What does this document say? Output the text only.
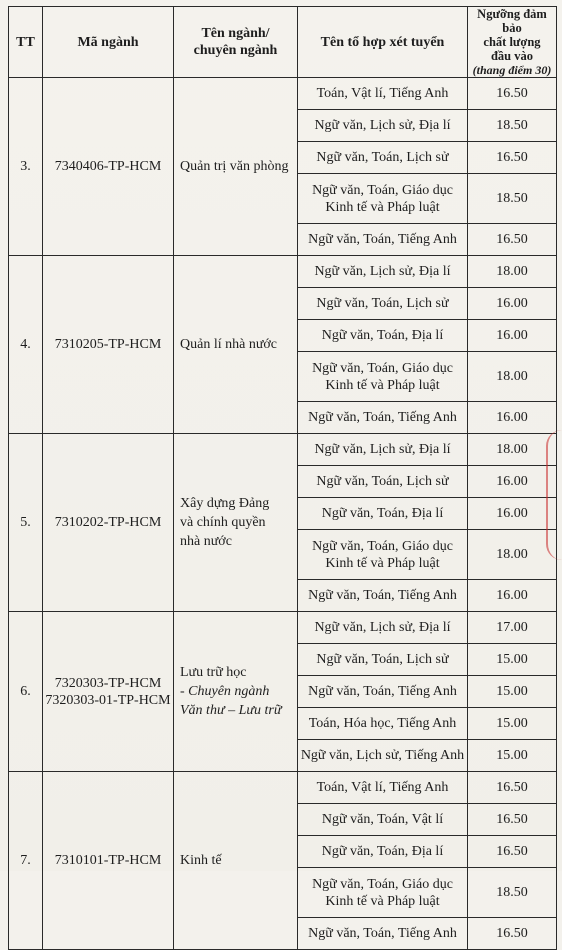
TT	Mã ngành	Tên ngành/
chuyên ngành	Tên tổ hợp xét tuyển	Ngưỡng đảm bảo
chất lượng
đầu vào
(thang điểm 30)
3.	7340406-TP-HCM	Quản trị văn phòng	Toán, Vật lí, Tiếng Anh	16.50
			Ngữ văn, Lịch sử, Địa lí	18.50
			Ngữ văn, Toán, Lịch sử	16.50
			Ngữ văn, Toán, Giáo dục
Kinh tế và Pháp luật	18.50
			Ngữ văn, Toán, Tiếng Anh	16.50
4.	7310205-TP-HCM	Quản lí nhà nước	Ngữ văn, Lịch sử, Địa lí	18.00
			Ngữ văn, Toán, Lịch sử	16.00
			Ngữ văn, Toán, Địa lí	16.00
			Ngữ văn, Toán, Giáo dục
Kinh tế và Pháp luật	18.00
			Ngữ văn, Toán, Tiếng Anh	16.00
5.	7310202-TP-HCM	Xây dựng Đảng
và chính quyền
nhà nước	Ngữ văn, Lịch sử, Địa lí	18.00
			Ngữ văn, Toán, Lịch sử	16.00
			Ngữ văn, Toán, Địa lí	16.00
			Ngữ văn, Toán, Giáo dục
Kinh tế và Pháp luật	18.00
			Ngữ văn, Toán, Tiếng Anh	16.00
6.	7320303-TP-HCM
7320303-01-TP-HCM	Lưu trữ học
- Chuyên ngành
Văn thư – Lưu trữ	Ngữ văn, Lịch sử, Địa lí	17.00
			Ngữ văn, Toán, Lịch sử	15.00
			Ngữ văn, Toán, Tiếng Anh	15.00
			Toán, Hóa học, Tiếng Anh	15.00
			Ngữ văn, Lịch sử, Tiếng Anh	15.00
7.	7310101-TP-HCM	Kinh tế	Toán, Vật lí, Tiếng Anh	16.50
			Ngữ văn, Toán, Vật lí	16.50
			Ngữ văn, Toán, Địa lí	16.50
			Ngữ văn, Toán, Giáo dục
Kinh tế và Pháp luật	18.50
			Ngữ văn, Toán, Tiếng Anh	16.50
